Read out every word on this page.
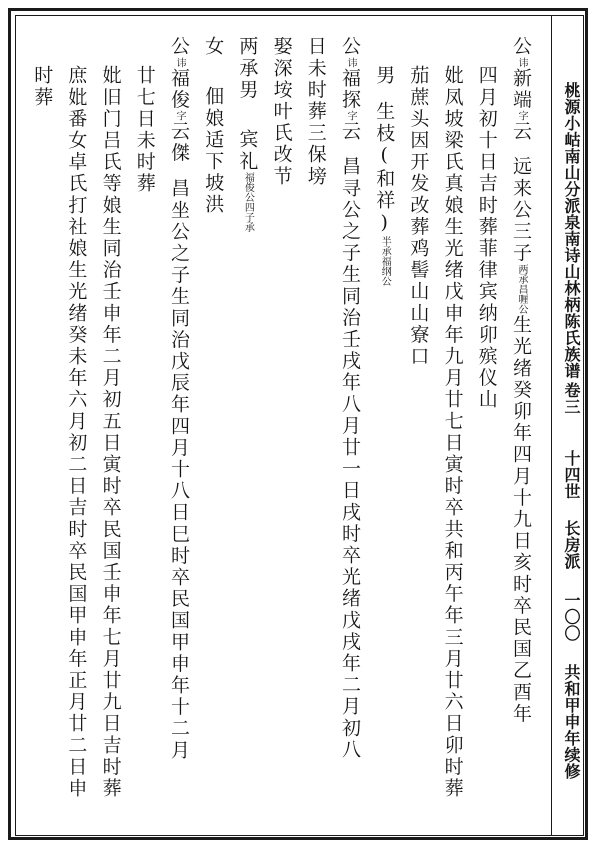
桃源小岵南山分派泉南诗山林柄陈氏族谱
卷三
十四世
长房派
一〇〇
共和甲申年续修
公讳新端字云远来公三子两承昌喱公生光绪癸卯年四月十九日亥时卒民国乙酉年
四月初十日吉时葬菲律宾纳卯殡仪山
妣凤坡梁氏真娘生光绪戊申年九月廿七日寅时卒共和丙午年三月廿六日卯时葬
茄蔗头因开发改葬鸡髻山山寮口
男生枝(和祥)半承福纲公
公讳福探字云昌寻公之子生同治壬戌年八月廿一日戌时卒光绪戊戌年二月初八
日未时葬三保塝
娶深垵叶氏改节
两承男宾礼福俊公四子承
女佃娘适下坡洪
公讳福俊字云傑昌坐公之子生同治戊辰年四月十八日巳时卒民国甲申年十二月
廿七日未时葬
妣旧门吕氏等娘生同治壬申年二月初五日寅时卒民国壬申年七月廿九日吉时葬
庶妣番女卓氏打社娘生光绪癸未年六月初二日吉时卒民国甲申年正月廿二日申
时葬
